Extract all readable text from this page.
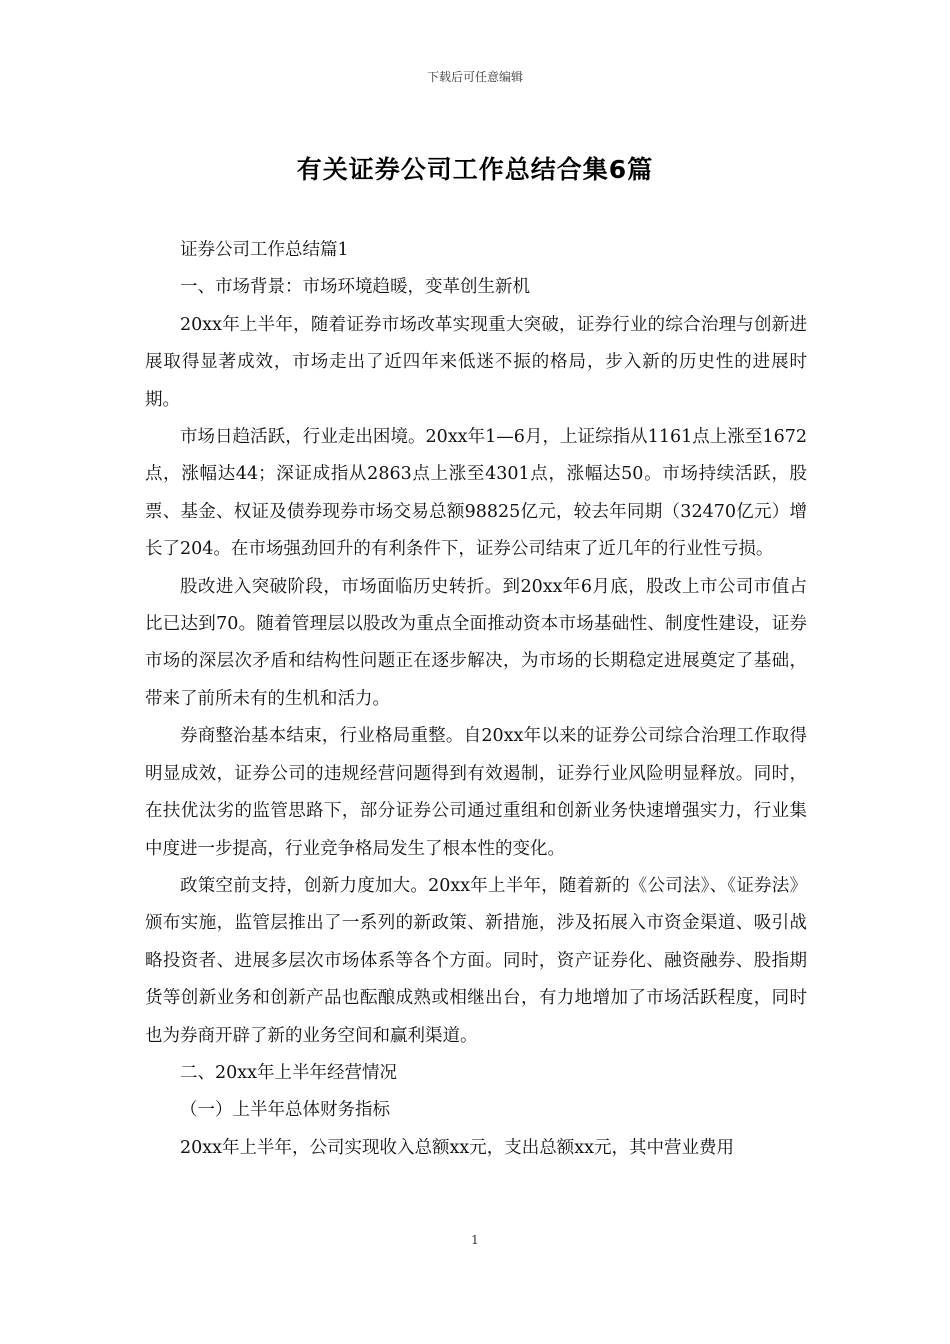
下载后可任意编辑
有关证券公司工作总结合集6篇

证券公司工作总结篇1

一、市场背景：市场环境趋暖，变革创生新机

20xx年上半年，随着证券市场改革实现重大突破，证券行业的综合治理与创新进展取得显著成效，市场走出了近四年来低迷不振的格局，步入新的历史性的进展时期。

市场日趋活跃，行业走出困境。20xx年1—6月，上证综指从1161点上涨至1672点，涨幅达44；深证成指从2863点上涨至4301点，涨幅达50。市场持续活跃，股票、基金、权证及债券现券市场交易总额98825亿元，较去年同期（32470亿元）增长了204。在市场强劲回升的有利条件下，证券公司结束了近几年的行业性亏损。

股改进入突破阶段，市场面临历史转折。到20xx年6月底，股改上市公司市值占比已达到70。随着管理层以股改为重点全面推动资本市场基础性、制度性建设，证券市场的深层次矛盾和结构性问题正在逐步解决，为市场的长期稳定进展奠定了基础，带来了前所未有的生机和活力。

券商整治基本结束，行业格局重整。自20xx年以来的证券公司综合治理工作取得明显成效，证券公司的违规经营问题得到有效遏制，证券行业风险明显释放。同时，在扶优汰劣的监管思路下，部分证券公司通过重组和创新业务快速增强实力，行业集中度进一步提高，行业竞争格局发生了根本性的变化。

政策空前支持，创新力度加大。20xx年上半年，随着新的《公司法》、《证券法》颁布实施，监管层推出了一系列的新政策、新措施，涉及拓展入市资金渠道、吸引战略投资者、进展多层次市场体系等各个方面。同时，资产证券化、融资融券、股指期货等创新业务和创新产品也酝酿成熟或相继出台，有力地增加了市场活跃程度，同时也为券商开辟了新的业务空间和赢利渠道。

二、20xx年上半年经营情况

（一）上半年总体财务指标

20xx年上半年，公司实现收入总额xx元，支出总额xx元，其中营业费用

1
